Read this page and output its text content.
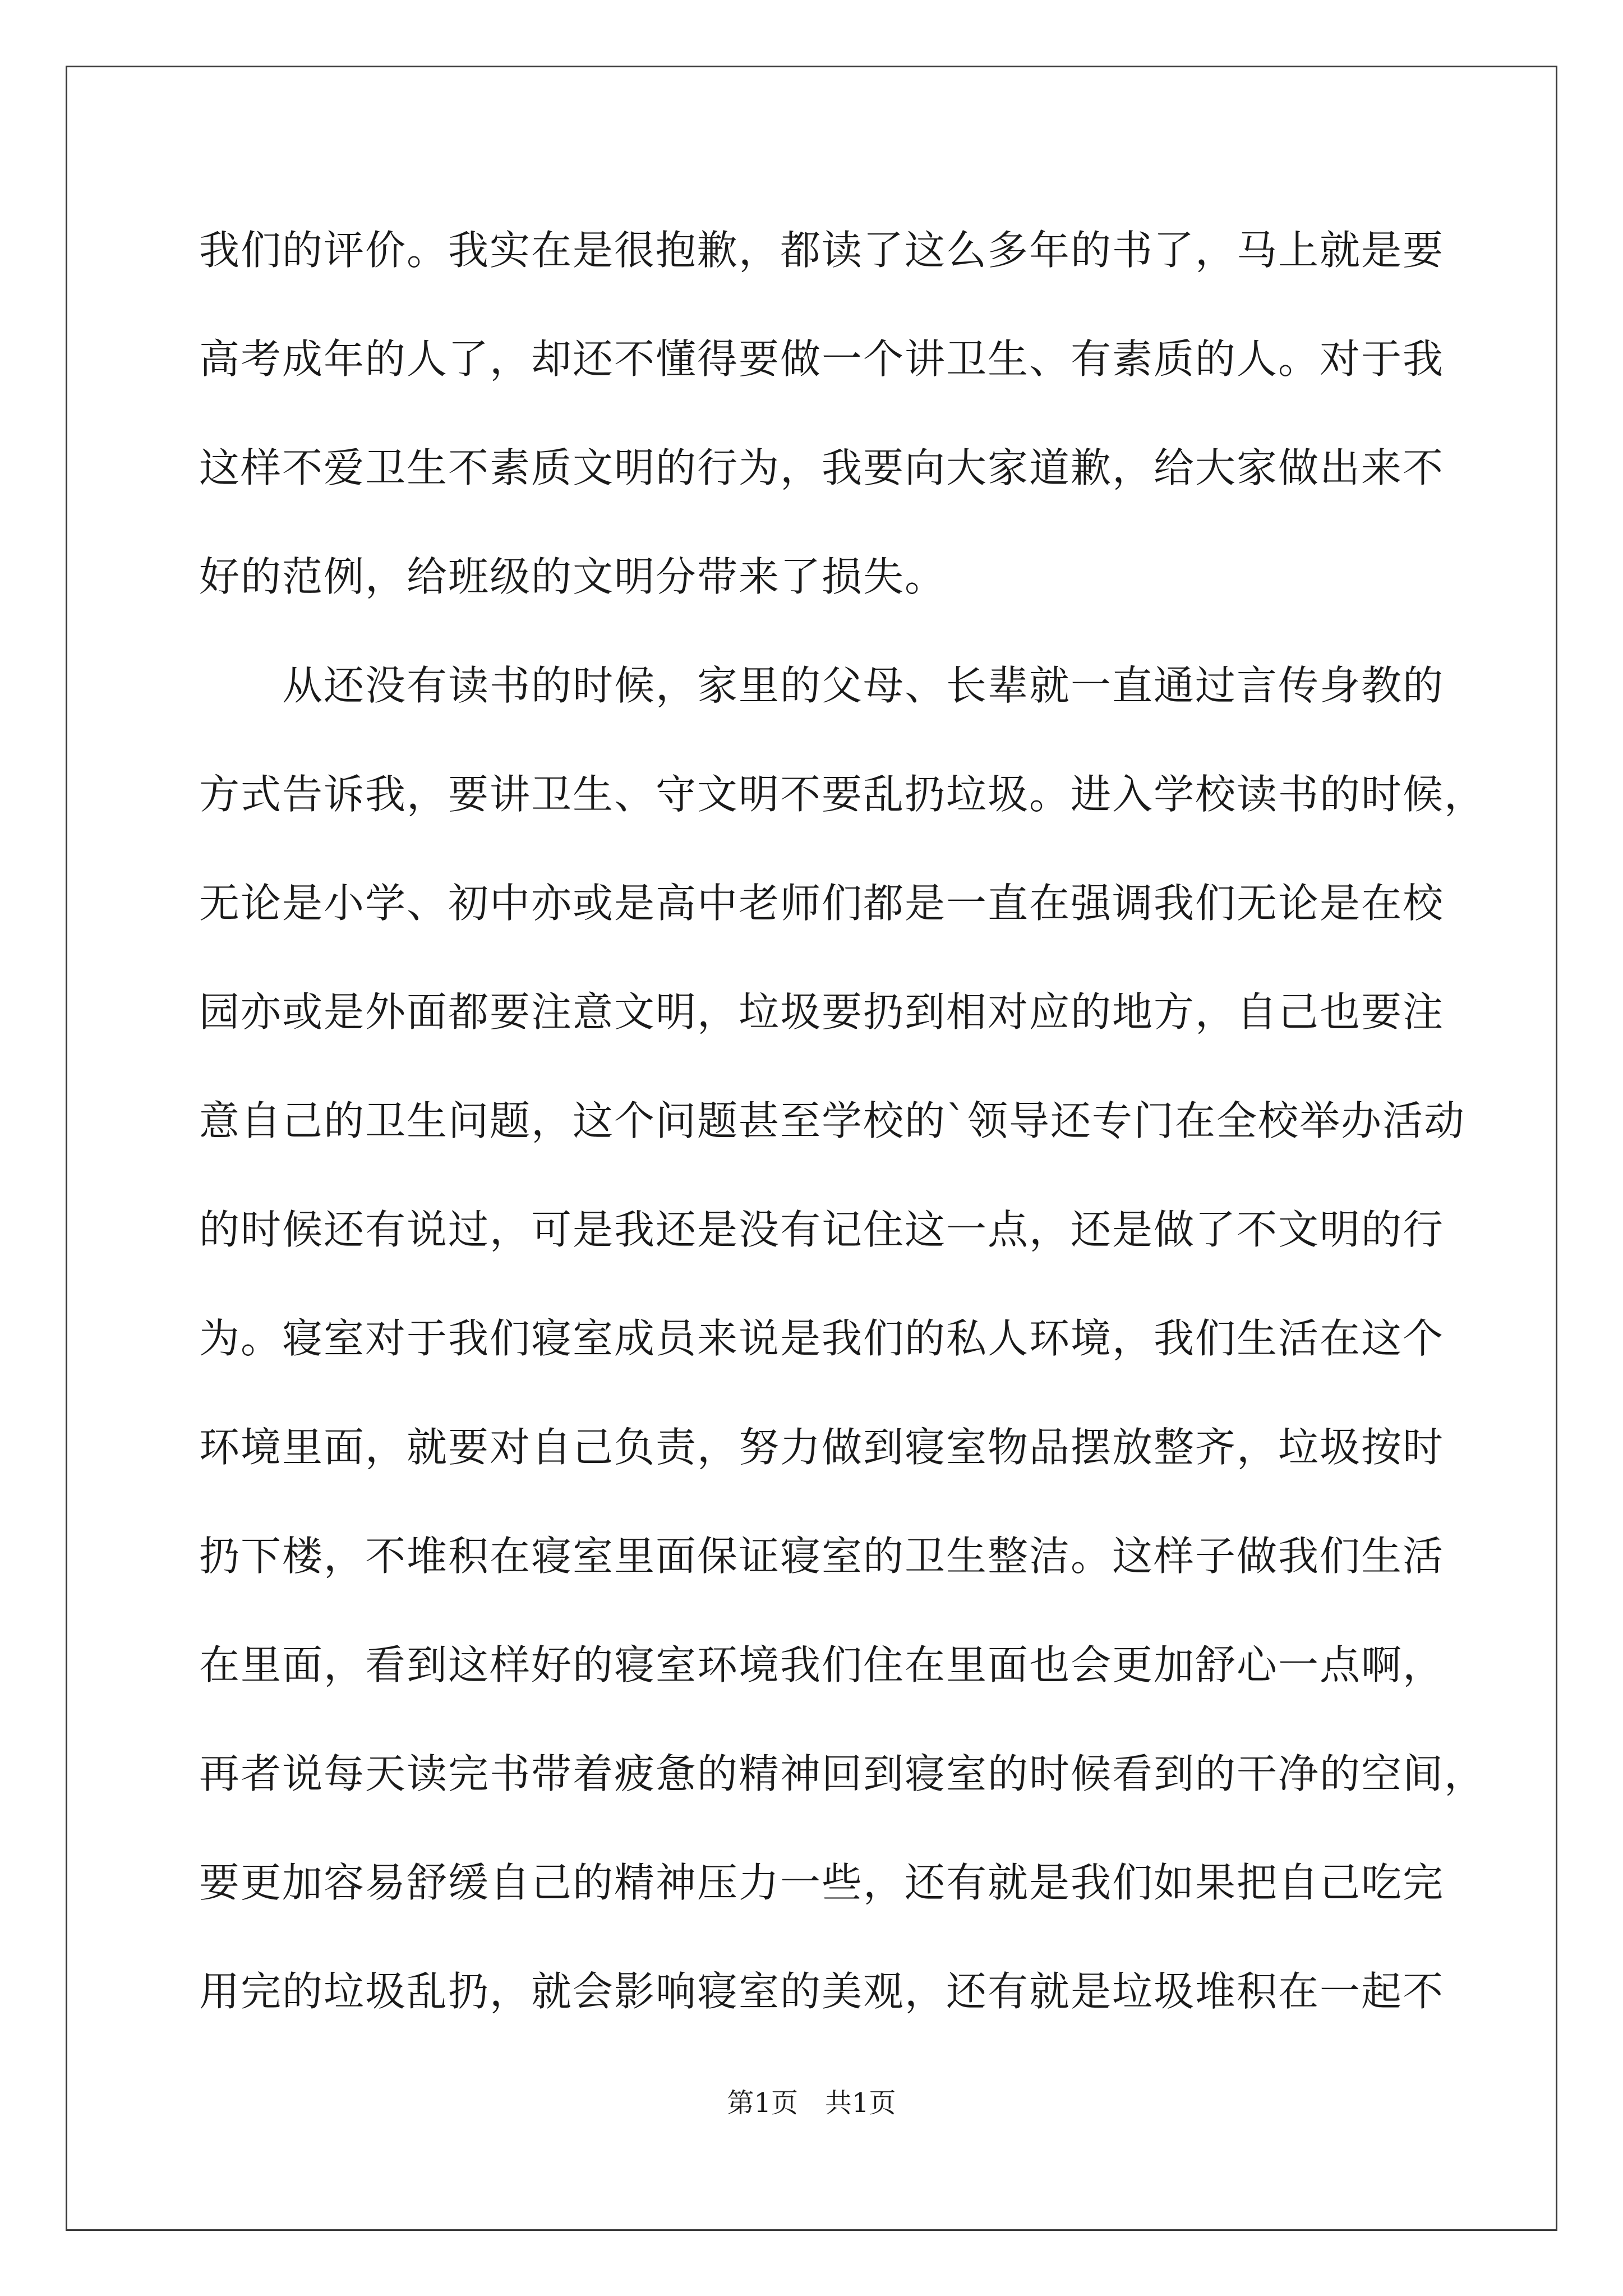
我们的评价。我实在是很抱歉，都读了这么多年的书了，马上就是要
高考成年的人了，却还不懂得要做一个讲卫生、有素质的人。对于我
这样不爱卫生不素质文明的行为，我要向大家道歉，给大家做出来不
好的范例，给班级的文明分带来了损失。
　　从还没有读书的时候，家里的父母、长辈就一直通过言传身教的
方式告诉我，要讲卫生、守文明不要乱扔垃圾。进入学校读书的时候，
无论是小学、初中亦或是高中老师们都是一直在强调我们无论是在校
园亦或是外面都要注意文明，垃圾要扔到相对应的地方，自己也要注
意自己的卫生问题，这个问题甚至学校的`领导还专门在全校举办活动
的时候还有说过，可是我还是没有记住这一点，还是做了不文明的行
为。寝室对于我们寝室成员来说是我们的私人环境，我们生活在这个
环境里面，就要对自己负责，努力做到寝室物品摆放整齐，垃圾按时
扔下楼，不堆积在寝室里面保证寝室的卫生整洁。这样子做我们生活
在里面，看到这样好的寝室环境我们住在里面也会更加舒心一点啊，
再者说每天读完书带着疲惫的精神回到寝室的时候看到的干净的空间，
要更加容易舒缓自己的精神压力一些，还有就是我们如果把自己吃完
用完的垃圾乱扔，就会影响寝室的美观，还有就是垃圾堆积在一起不
第1页　共1页
